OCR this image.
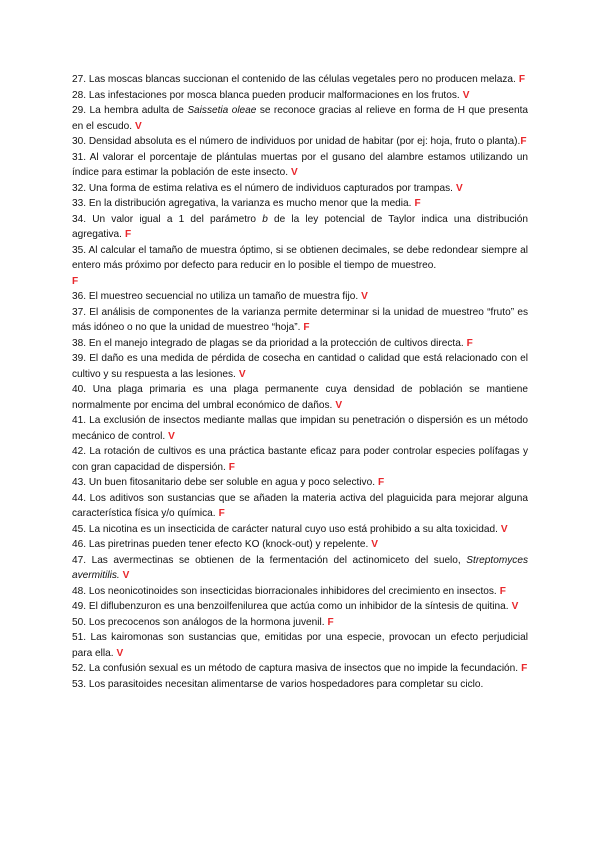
27. Las moscas blancas succionan el contenido de las células vegetales pero no producen melaza. F

28. Las infestaciones por mosca blanca pueden producir malformaciones en los frutos. V

29. La hembra adulta de Saissetia oleae se reconoce gracias al relieve en forma de H que presenta en el escudo. V

30. Densidad absoluta es el número de individuos por unidad de habitar (por ej: hoja, fruto o planta).F

31. Al valorar el porcentaje de plántulas muertas por el gusano del alambre estamos utilizando un índice para estimar la población de este insecto. V

32. Una forma de estima relativa es el número de individuos capturados por trampas. V

33. En la distribución agregativa, la varianza es mucho menor que la media. F

34. Un valor igual a 1 del parámetro b de la ley potencial de Taylor indica una distribución agregativa. F

35. Al calcular el tamaño de muestra óptimo, si se obtienen decimales, se debe redondear siempre al entero más próximo por defecto para reducir en lo posible el tiempo de muestreo.
F

36. El muestreo secuencial no utiliza un tamaño de muestra fijo. V

37. El análisis de componentes de la varianza permite determinar si la unidad de muestreo “fruto” es más idóneo o no que la unidad de muestreo “hoja”. F

38. En el manejo integrado de plagas se da prioridad a la protección de cultivos directa. F

39. El daño es una medida de pérdida de cosecha en cantidad o calidad que está relacionado con el cultivo y su respuesta a las lesiones. V

40. Una plaga primaria es una plaga permanente cuya densidad de población se mantiene normalmente por encima del umbral económico de daños. V

41. La exclusión de insectos mediante mallas que impidan su penetración o dispersión es un método mecánico de control. V

42. La rotación de cultivos es una práctica bastante eficaz para poder controlar especies polífagas y con gran capacidad de dispersión. F

43. Un buen fitosanitario debe ser soluble en agua y poco selectivo. F

44. Los aditivos son sustancias que se añaden la materia activa del plaguicida para mejorar alguna característica física y/o química. F

45. La nicotina es un insecticida de carácter natural cuyo uso está prohibido a su alta toxicidad. V

46. Las piretrinas pueden tener efecto KO (knock-out) y repelente. V

47. Las avermectinas se obtienen de la fermentación del actinomiceto del suelo, Streptomyces avermitilis. V

48. Los neonicotinoides son insecticidas biorracionales inhibidores del crecimiento en insectos. F

49. El diflubenzuron es una benzoilfenilurea que actúa como un inhibidor de la síntesis de quitina. V

50. Los precocenos son análogos de la hormona juvenil. F

51. Las kairomonas son sustancias que, emitidas por una especie, provocan un efecto perjudicial para ella. V

52. La confusión sexual es un método de captura masiva de insectos que no impide la fecundación. F

53. Los parasitoides necesitan alimentarse de varios hospedadores para completar su ciclo.
